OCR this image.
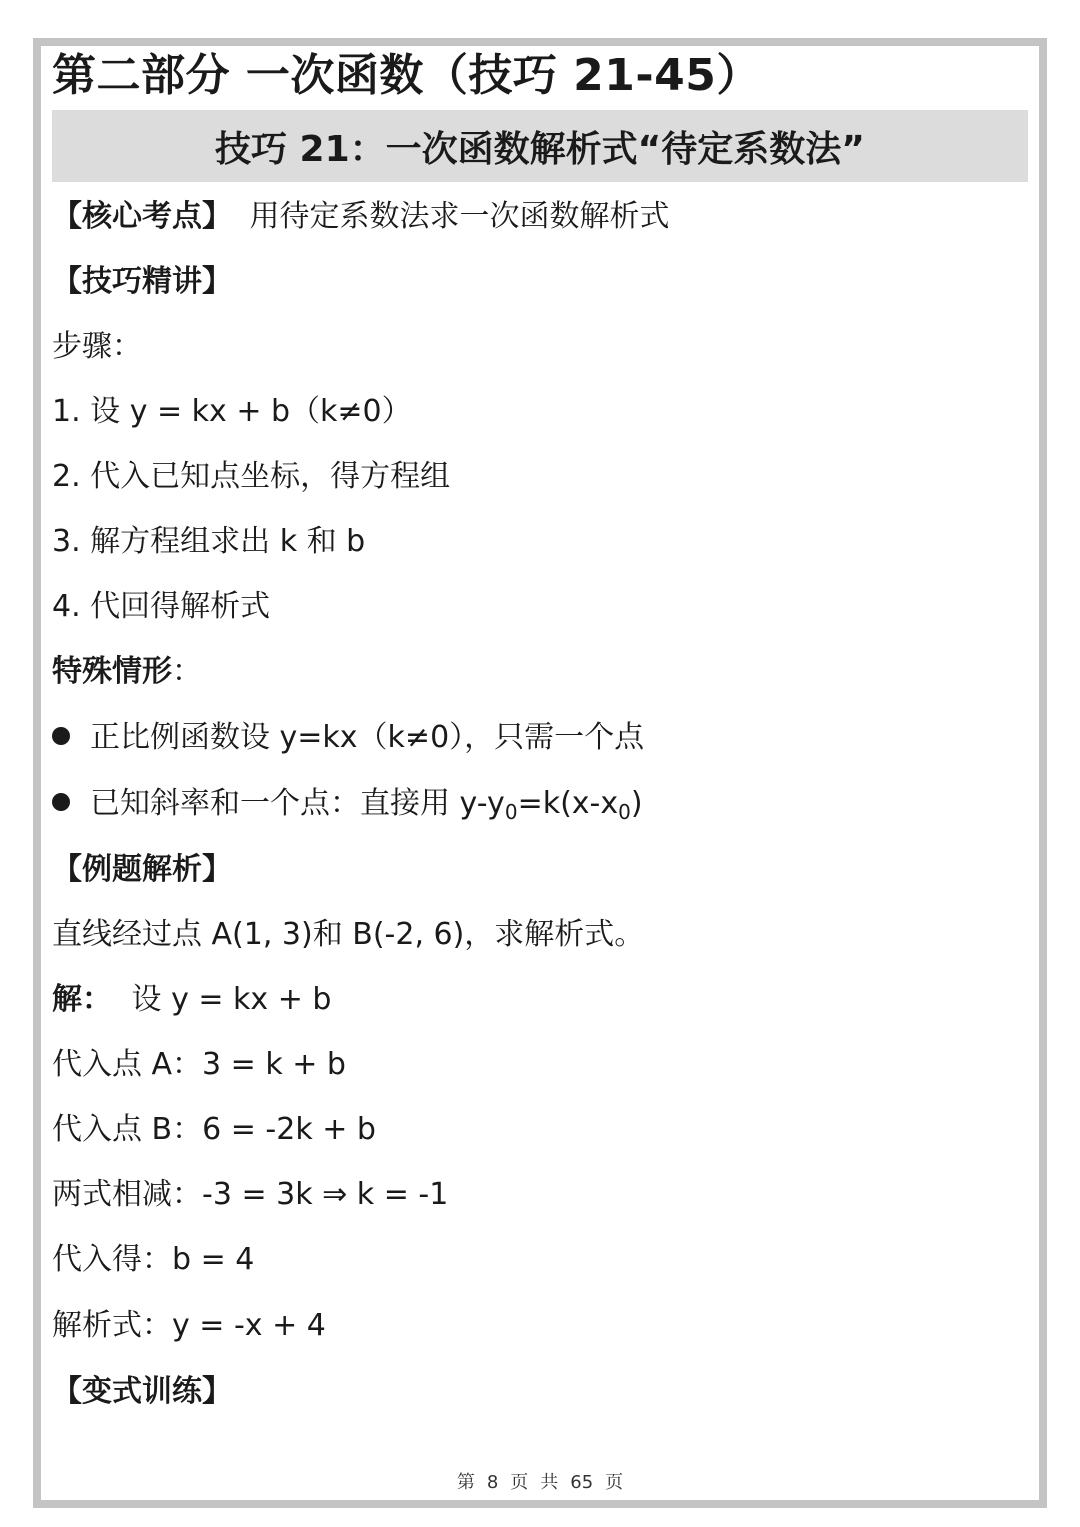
第二部分 一次函数（技巧 21-45）
技巧 21：一次函数解析式“待定系数法”
【核心考点】 用待定系数法求一次函数解析式
【技巧精讲】
步骤：
1. 设 y = kx + b（k≠0）
2. 代入已知点坐标，得方程组
3. 解方程组求出 k 和 b
4. 代回得解析式
特殊情形：
正比例函数设 y=kx（k≠0），只需一个点
已知斜率和一个点：直接用 $y-y_0=k(x-x_0)$
【例题解析】
直线经过点 A(1, 3)和 B(-2, 6)，求解析式。
解： 设 y = kx + b
代入点 A：3 = k + b
代入点 B：6 = -2k + b
两式相减：-3 = 3k ⇒ k = -1
代入得：b = 4
解析式：y = -x + 4
【变式训练】
第 8 页 共 65 页
